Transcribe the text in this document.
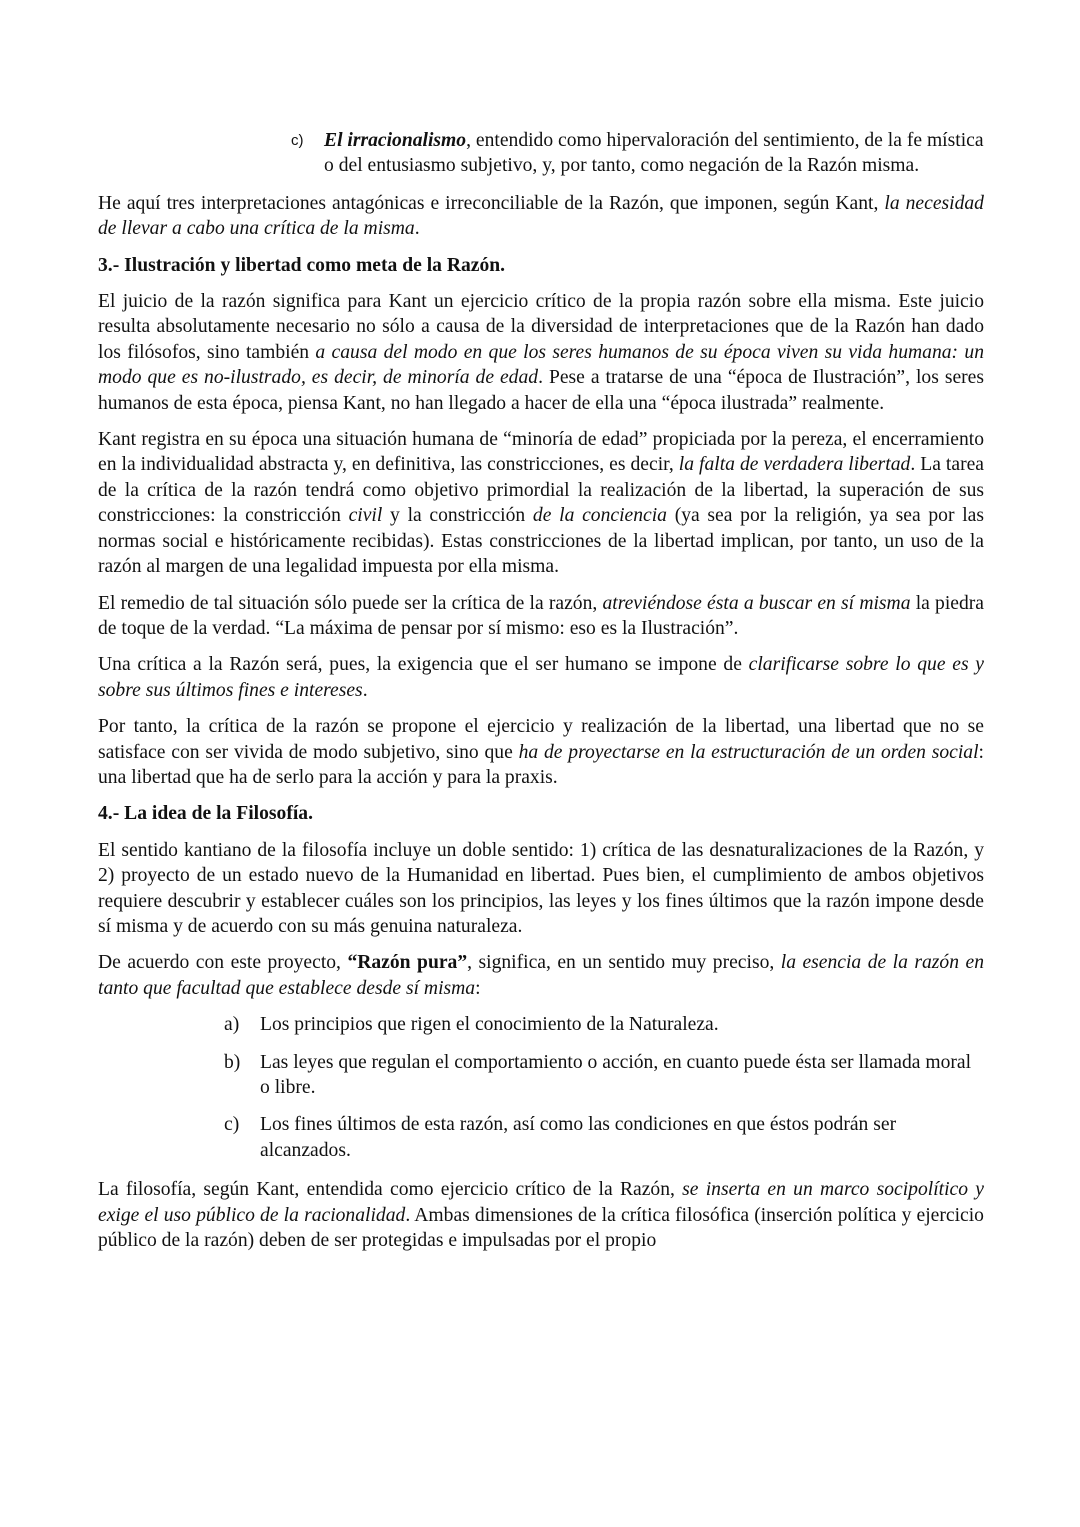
c) El irracionalismo, entendido como hipervaloración del sentimiento, de la fe mística o del entusiasmo subjetivo, y, por tanto, como negación de la Razón misma.

He aquí tres interpretaciones antagónicas e irreconciliable de la Razón, que imponen, según Kant, la necesidad de llevar a cabo una crítica de la misma.

3.- Ilustración y libertad como meta de la Razón.

El juicio de la razón significa para Kant un ejercicio crítico de la propia razón sobre ella misma. Este juicio resulta absolutamente necesario no sólo a causa de la diversidad de interpretaciones que de la Razón han dado los filósofos, sino también a causa del modo en que los seres humanos de su época viven su vida humana: un modo que es no-ilustrado, es decir, de minoría de edad. Pese a tratarse de una “época de Ilustración”, los seres humanos de esta época, piensa Kant, no han llegado a hacer de ella una “época ilustrada” realmente.

Kant registra en su época una situación humana de “minoría de edad” propiciada por la pereza, el encerramiento en la individualidad abstracta y, en definitiva, las constricciones, es decir, la falta de verdadera libertad. La tarea de la crítica de la razón tendrá como objetivo primordial la realización de la libertad, la superación de sus constricciones: la constricción civil y la constricción de la conciencia (ya sea por la religión, ya sea por las normas social e históricamente recibidas). Estas constricciones de la libertad implican, por tanto, un uso de la razón al margen de una legalidad impuesta por ella misma.

El remedio de tal situación sólo puede ser la crítica de la razón, atreviéndose ésta a buscar en sí misma la piedra de toque de la verdad. “La máxima de pensar por sí mismo: eso es la Ilustración”.

Una crítica a la Razón será, pues, la exigencia que el ser humano se impone de clarificarse sobre lo que es y sobre sus últimos fines e intereses.

Por tanto, la crítica de la razón se propone el ejercicio y realización de la libertad, una libertad que no se satisface con ser vivida de modo subjetivo, sino que ha de proyectarse en la estructuración de un orden social: una libertad que ha de serlo para la acción y para la praxis.

4.- La idea de la Filosofía.

El sentido kantiano de la filosofía incluye un doble sentido: 1) crítica de las desnaturalizaciones de la Razón, y 2) proyecto de un estado nuevo de la Humanidad en libertad. Pues bien, el cumplimiento de ambos objetivos requiere descubrir y establecer cuáles son los principios, las leyes y los fines últimos que la razón impone desde sí misma y de acuerdo con su más genuina naturaleza.

De acuerdo con este proyecto, “Razón pura”, significa, en un sentido muy preciso, la esencia de la razón en tanto que facultad que establece desde sí misma:

a) Los principios que rigen el conocimiento de la Naturaleza.
b) Las leyes que regulan el comportamiento o acción, en cuanto puede ésta ser llamada moral o libre.
c) Los fines últimos de esta razón, así como las condiciones en que éstos podrán ser alcanzados.

La filosofía, según Kant, entendida como ejercicio crítico de la Razón, se inserta en un marco socipolítico y exige el uso público de la racionalidad. Ambas dimensiones de la crítica filosófica (inserción política y ejercicio público de la razón) deben de ser protegidas e impulsadas por el propio
